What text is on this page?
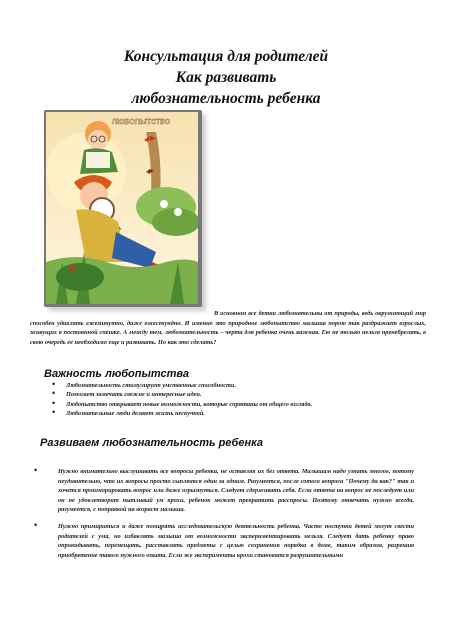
Консультация для родителей
Как развивать
любознательность ребенка
ЛЮБОПЫТСТВО
В основном все детки любознательны от природы, ведь окружающий мир способен удивлять ежеминутно, даже ежесекундно. И именно это природное любопытство малыша порою так раздражает взрослых, живущих в постоянной спешке. А между тем, любознательность – черта для ребенка очень важная. Ею не только нельзя пренебрегать, в свою очередь ее необходимо еще и развивать. Но как это сделать?
Важность любопытства
• Любознательность стимулирует умственные способности.
• Помогает замечать свежие и интересные идеи.
• Любопытство открывает новые возможности, которые спрятаны от общего взгляда.
• Любознательные люди делают жизнь нескучной.
Развиваем любознательность ребенка
• Нужно внимательно выслушивать все вопросы ребенка, не оставляя их без ответа. Малышам надо узнать многое, потому неудивительно, что их вопросы просто сыплются один за одним. Разумеется, после сотого вопроса "Почему да как?" так и хочется проигнорировать вопрос или даже огрызнуться. Следует сдерживать себя. Если ответа на вопрос не последует или он не удовлетворит пытливый ум крохи, ребенок может прекратить расспросы. Поэтому отвечать нужно всегда, разумеется, с поправкой на возраст малыша.
• Нужно примириться и даже поощрять исследовательскую деятельность ребенка. Часто поступки детей могут свести родителей с ума, но избавлять малыша от возможности экспериментировать нельзя. Следует дать ребенку право опрокидывать, перемещать, расставлять предметы с целью сохранения порядка в доме, таким образом, разрешив приобретение такого нужного опыта. Если же эксперименты крохи становятся разрушительными
